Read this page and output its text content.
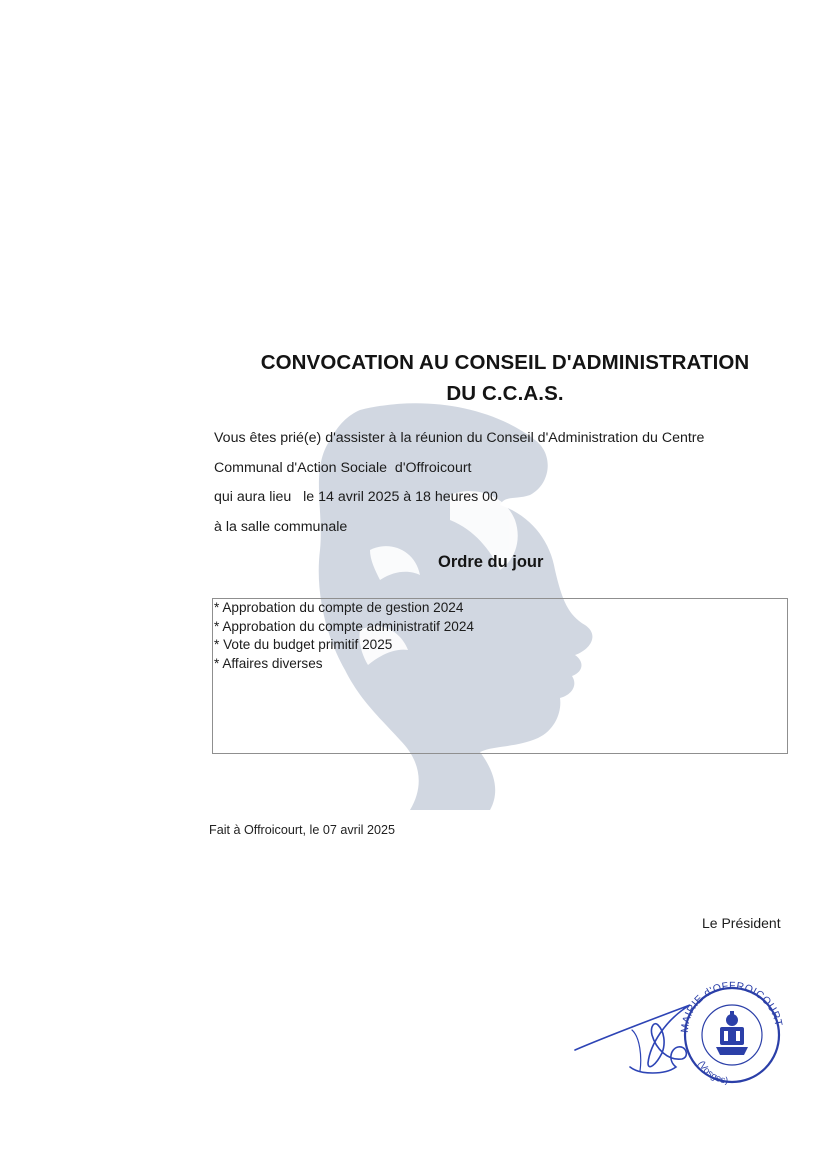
CONVOCATION AU CONSEIL D'ADMINISTRATION
DU C.C.A.S.
Vous êtes prié(e) d'assister à la réunion du Conseil d'Administration du Centre
Communal d'Action Sociale  d'Offroicourt
qui aura lieu   le 14 avril 2025 à 18 heures 00
à la salle communale
Ordre du jour
* Approbation du compte de gestion 2024
* Approbation du compte administratif 2024
* Vote du budget primitif 2025
* Affaires diverses
Fait à Offroicourt, le 07 avril 2025
Le Président
MAIRIE d'OFFROICOURT
(Vosges)
